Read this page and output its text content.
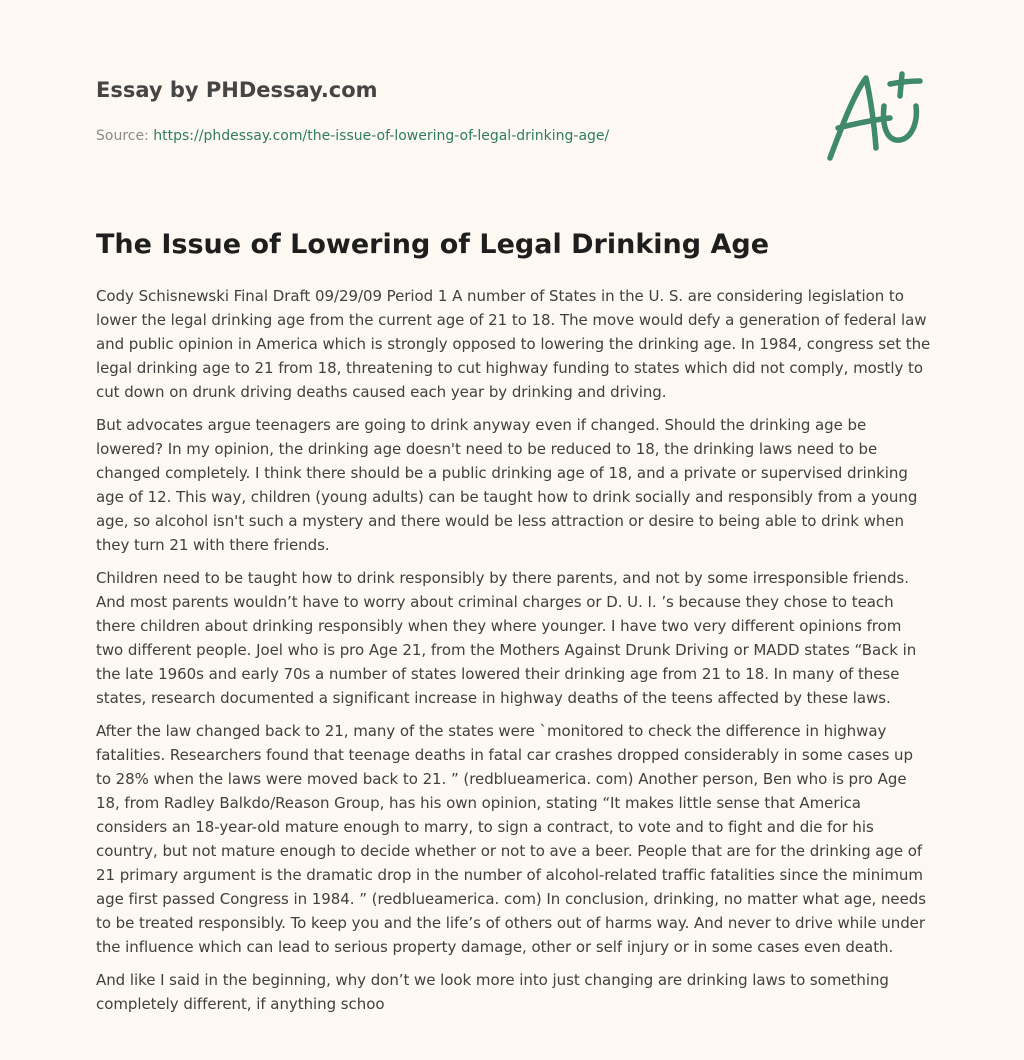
Essay by PHDessay.com
Source: https://phdessay.com/the-issue-of-lowering-of-legal-drinking-age/
The Issue of Lowering of Legal Drinking Age

Cody Schisnewski Final Draft 09/29/09 Period 1 A number of States in the U. S. are considering legislation to lower the legal drinking age from the current age of 21 to 18. The move would defy a generation of federal law and public opinion in America which is strongly opposed to lowering the drinking age. In 1984, congress set the legal drinking age to 21 from 18, threatening to cut highway funding to states which did not comply, mostly to cut down on drunk driving deaths caused each year by drinking and driving.

But advocates argue teenagers are going to drink anyway even if changed. Should the drinking age be lowered? In my opinion, the drinking age doesn't need to be reduced to 18, the drinking laws need to be changed completely. I think there should be a public drinking age of 18, and a private or supervised drinking age of 12. This way, children (young adults) can be taught how to drink socially and responsibly from a young age, so alcohol isn't such a mystery and there would be less attraction or desire to being able to drink when they turn 21 with there friends.

Children need to be taught how to drink responsibly by there parents, and not by some irresponsible friends. And most parents wouldn’t have to worry about criminal charges or D. U. I. ’s because they chose to teach there children about drinking responsibly when they where younger. I have two very different opinions from two different people. Joel who is pro Age 21, from the Mothers Against Drunk Driving or MADD states “Back in the late 1960s and early 70s a number of states lowered their drinking age from 21 to 18. In many of these states, research documented a significant increase in highway deaths of the teens affected by these laws.

After the law changed back to 21, many of the states were `monitored to check the difference in highway fatalities. Researchers found that teenage deaths in fatal car crashes dropped considerably in some cases up to 28% when the laws were moved back to 21. ” (redblueamerica. com) Another person, Ben who is pro Age 18, from Radley Balkdo/Reason Group, has his own opinion, stating “It makes little sense that America considers an 18-year-old mature enough to marry, to sign a contract, to vote and to fight and die for his country, but not mature enough to decide whether or not to ave a beer. People that are for the drinking age of 21 primary argument is the dramatic drop in the number of alcohol-related traffic fatalities since the minimum age first passed Congress in 1984. ” (redblueamerica. com) In conclusion, drinking, no matter what age, needs to be treated responsibly. To keep you and the life’s of others out of harms way. And never to drive while under the influence which can lead to serious property damage, other or self injury or in some cases even death.

And like I said in the beginning, why don’t we look more into just changing are drinking laws to something completely different, if anything schoo
